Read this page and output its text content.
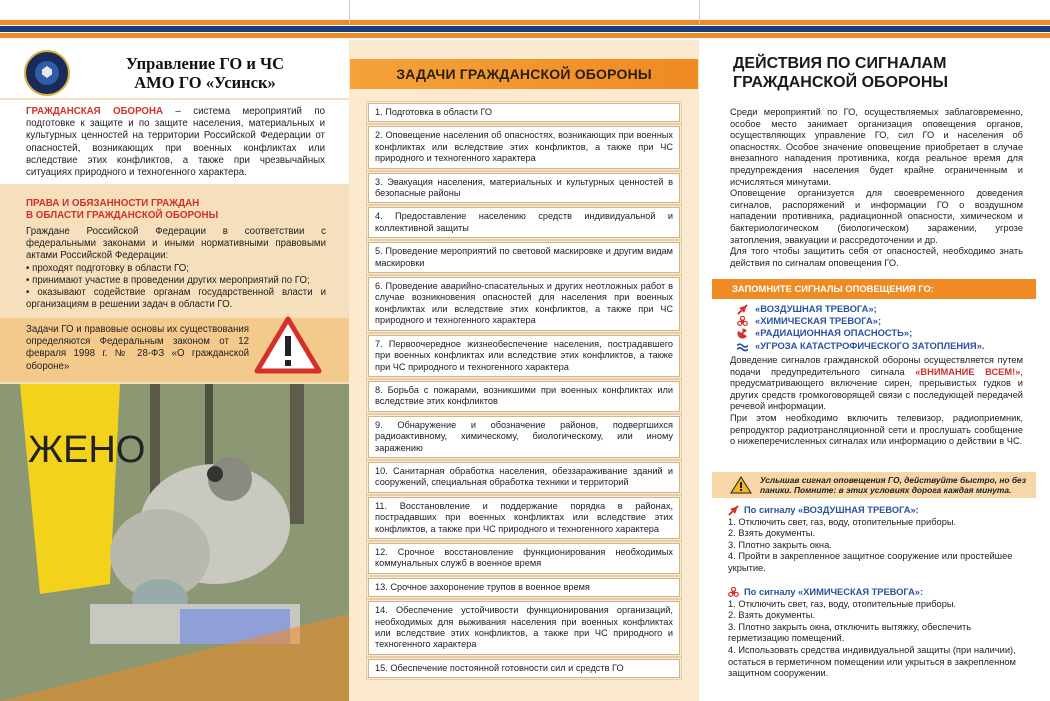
Управление ГО и ЧС
АМО ГО «Усинск»
ГРАЖДАНСКАЯ ОБОРОНА – система мероприятий по подготовке к защите и по защите населения, материальных и культурных ценностей на территории Российской Федерации от опасностей, возникающих при военных конфликтах или вследствие этих конфликтов, а также при чрезвычайных ситуациях природного и техногенного характера.
ПРАВА И ОБЯЗАННОСТИ ГРАЖДАН
В ОБЛАСТИ ГРАЖДАНСКОЙ ОБОРОНЫ
Граждане Российской Федерации в соответствии с федеральными законами и иными нормативными правовыми актами Российской Федерации:
• проходят подготовку в области ГО;
• принимают участие в проведении других мероприятий по ГО;
• оказывают содействие органам государственной власти и организациям в решении задач в области ГО.
Задачи ГО и правовые основы их существования определяются Федеральным законом от 12 февраля 1998 г. № 28-ФЗ «О гражданской обороне»
ЖЕНО
ЗАДАЧИ ГРАЖДАНСКОЙ ОБОРОНЫ
1. Подготовка в области ГО
2. Оповещение населения об опасностях, возникающих при военных конфликтах или вследствие этих конфликтов, а также при ЧС природного и техногенного характера
3. Эвакуация населения, материальных и культурных ценностей в безопасные районы
4. Предоставление населению средств индивидуальной и коллективной защиты
5. Проведение мероприятий по световой маскировке и другим видам маскировки
6. Проведение аварийно-спасательных и других неотложных работ в случае возникновения опасностей для населения при военных конфликтах или вследствие этих конфликтов, а также при ЧС природного и техногенного характера
7. Первоочередное жизнеобеспечение населения, пострадавшего при военных конфликтах или вследствие этих конфликтов, а также при ЧС природного и техногенного характера
8. Борьба с пожарами, возникшими при военных конфликтах или вследствие этих конфликтов
9. Обнаружение и обозначение районов, подвергшихся радиоактивному, химическому, биологическому, или иному заражению
10. Санитарная обработка населения, обеззараживание зданий и сооружений, специальная обработка техники и территорий
11. Восстановление и поддержание порядка в районах, пострадавших при военных конфликтах или вследствие этих конфликтов, а также при ЧС природного и техногенного характера
12. Срочное восстановление функционирования необходимых коммунальных служб в военное время
13. Срочное захоронение трупов в военное время
14. Обеспечение устойчивости функционирования организаций, необходимых для выживания населения при военных конфликтах или вследствие этих конфликтов, а также при ЧС природного и техногенного характера
15. Обеспечение постоянной готовности сил и средств ГО
ДЕЙСТВИЯ ПО СИГНАЛАМ
ГРАЖДАНСКОЙ ОБОРОНЫ
Среди мероприятий по ГО, осуществляемых заблаговременно, особое место занимает организация оповещения органов, осуществляющих управление ГО, сил ГО и населения об опасностях. Особое значение оповещение приобретает в случае внезапного нападения противника, когда реальное время для предупреждения населения будет крайне ограниченным и исчисляться минутами.
Оповещение организуется для своевременного доведения сигналов, распоряжений и информации ГО о воздушном нападении противника, радиационной опасности, химическом и бактериологическом (биологическом) заражении, угрозе затопления, эвакуации и рассредоточении и др.
Для того чтобы защитить себя от опасностей, необходимо знать действия по сигналам оповещения ГО.
ЗАПОМНИТЕ СИГНАЛЫ ОПОВЕЩЕНИЯ ГО:
«ВОЗДУШНАЯ ТРЕВОГА»;
«ХИМИЧЕСКАЯ ТРЕВОГА»;
«РАДИАЦИОННАЯ ОПАСНОСТЬ»;
«УГРОЗА КАТАСТРОФИЧЕСКОГО ЗАТОПЛЕНИЯ».
Доведение сигналов гражданской обороны осуществляется путем подачи предупредительного сигнала «ВНИМАНИЕ ВСЕМ!», предусматривающего включение сирен, прерывистых гудков и других средств громкоговорящей связи с последующей передачей речевой информации.
При этом необходимо включить телевизор, радиоприемник, репродуктор радиотрансляционной сети и прослушать сообщение о нижеперечисленных сигналах или информацию о действии в ЧС.
Услышав сигнал оповещения ГО, действуйте быстро, но без паники. Помните: в этих условиях дорога каждая минута.
По сигналу «ВОЗДУШНАЯ ТРЕВОГА»:
1. Отключить свет, газ, воду, отопительные приборы.
2. Взять документы.
3. Плотно закрыть окна.
4. Пройти в закрепленное защитное сооружение или простейшее укрытие.
По сигналу «ХИМИЧЕСКАЯ ТРЕВОГА»:
1. Отключить свет, газ, воду, отопительные приборы.
2. Взять документы.
3. Плотно закрыть окна, отключить вытяжку, обеспечить герметизацию помещений.
4. Использовать средства индивидуальной защиты (при наличии), остаться в герметичном помещении или укрыться в закрепленном защитном сооружении.
